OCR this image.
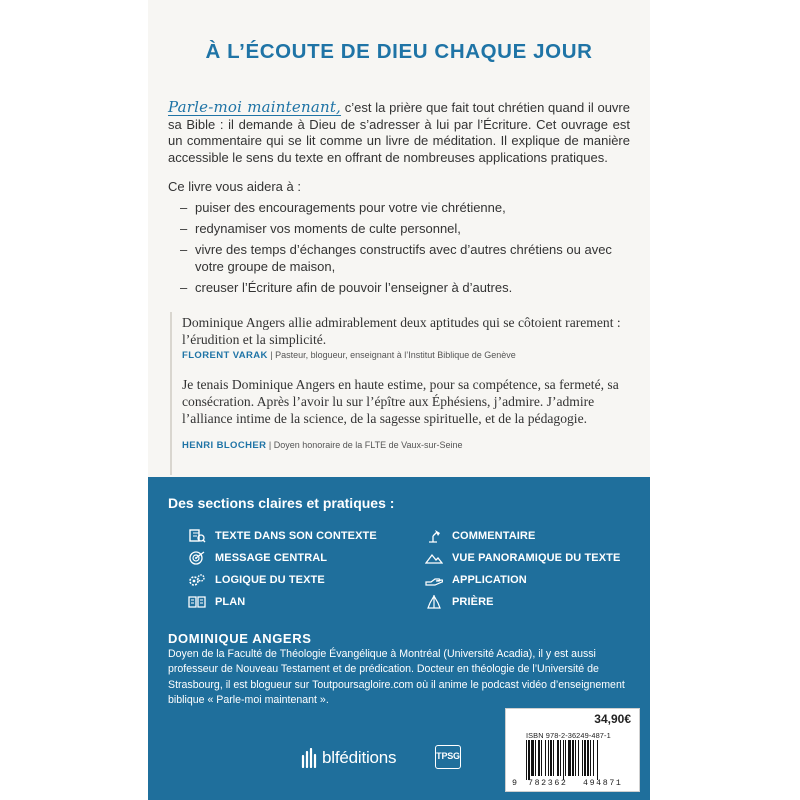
À L’ÉCOUTE DE DIEU CHAQUE JOUR

Parle-moi maintenant, c’est la prière que fait tout chrétien quand il ouvre sa Bible : il demande à Dieu de s’adresser à lui par l’Écriture. Cet ouvrage est un commentaire qui se lit comme un livre de méditation. Il explique de manière accessible le sens du texte en offrant de nombreuses applications pratiques.

Ce livre vous aidera à :

– puiser des encouragements pour votre vie chrétienne,
– redynamiser vos moments de culte personnel,
– vivre des temps d’échanges constructifs avec d’autres chrétiens ou avec votre groupe de maison,
– creuser l’Écriture afin de pouvoir l’enseigner à d’autres.

Dominique Angers allie admirablement deux aptitudes qui se côtoient rarement : l’érudition et la simplicité.

FLORENT VARAK | Pasteur, blogueur, enseignant à l’Institut Biblique de Genève

Je tenais Dominique Angers en haute estime, pour sa compétence, sa fermeté, sa consécration. Après l’avoir lu sur l’épître aux Éphésiens, j’admire. J’admire l’alliance intime de la science, de la sagesse spirituelle, et de la pédagogie.

HENRI BLOCHER | Doyen honoraire de la FLTE de Vaux-sur-Seine

Des sections claires et pratiques :

TEXTE DANS SON CONTEXTE
MESSAGE CENTRAL
LOGIQUE DU TEXTE
PLAN
COMMENTAIRE
VUE PANORAMIQUE DU TEXTE
APPLICATION
PRIÈRE

DOMINIQUE ANGERS

Doyen de la Faculté de Théologie Évangélique à Montréal (Université Acadia), il y est aussi professeur de Nouveau Testament et de prédication. Docteur en théologie de l’Université de Strasbourg, il est blogueur sur Toutpoursagloire.com où il anime le podcast vidéo d’enseignement biblique « Parle-moi maintenant ».

blféditions	TPSG
34,90€
ISBN 978-2-36249-487-1
9	782362	494871
